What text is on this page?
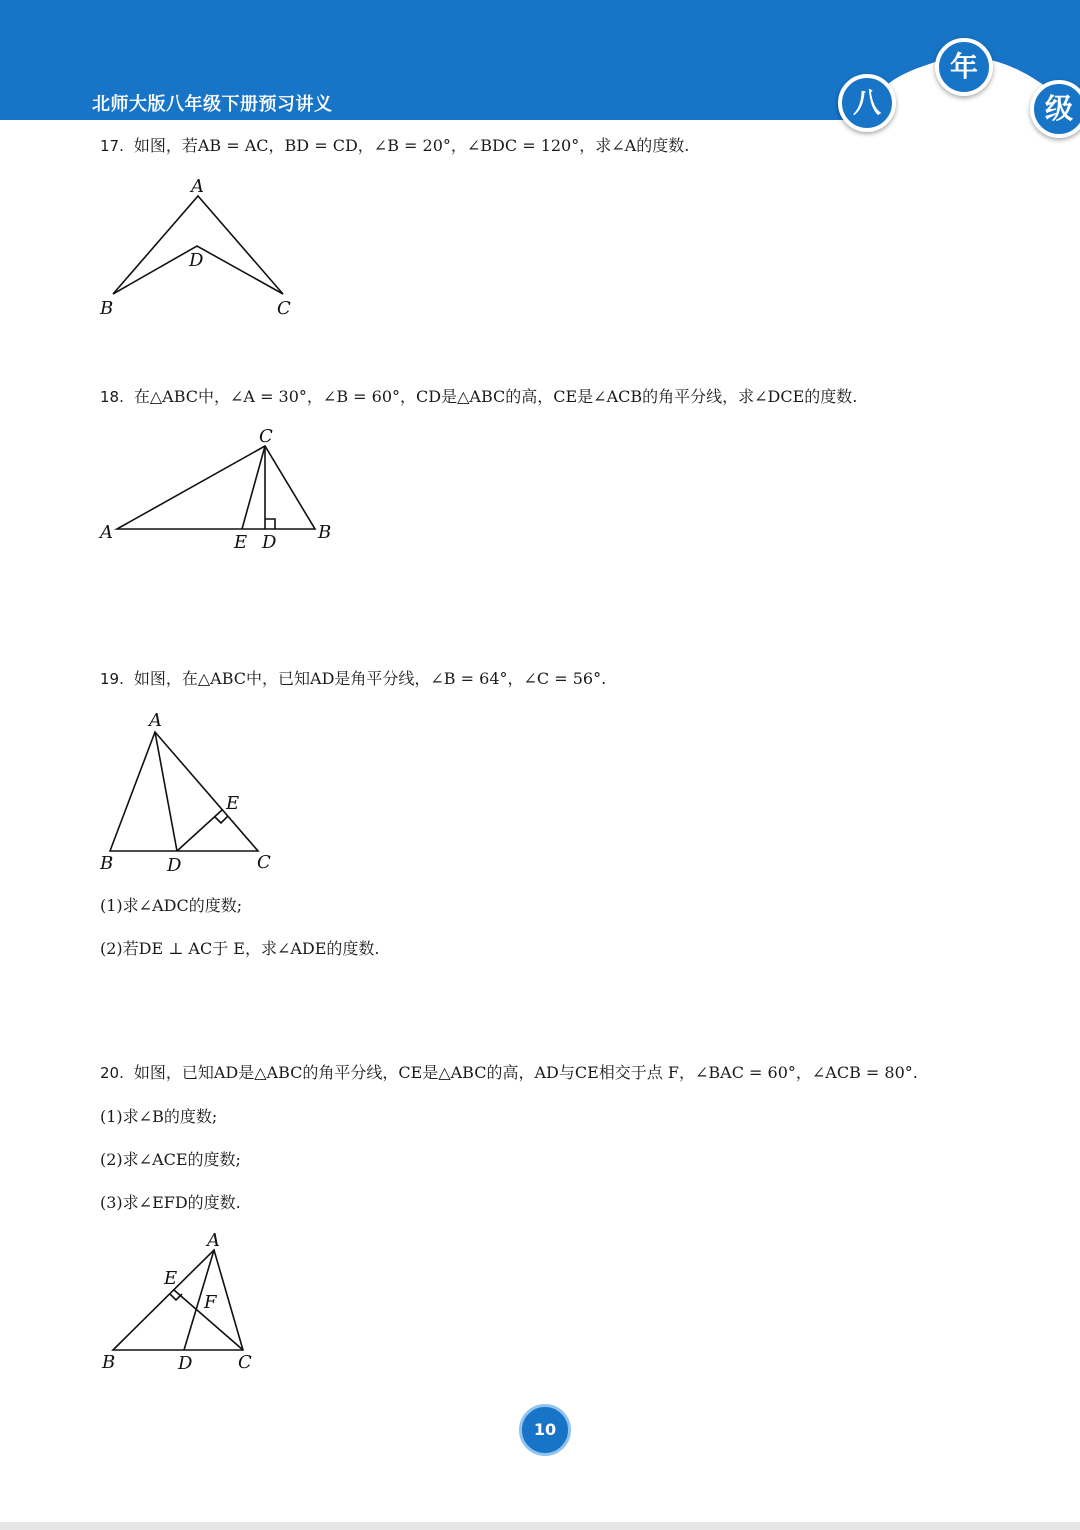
北师大版八年级下册预习讲义	八
年
级
17. 如图，若AB = AC，BD = CD，∠B = 20°，∠BDC = 120°，求∠A的度数.
A
D
B	C
18. 在△ABC中，∠A = 30°，∠B = 60°，CD是△ABC的高，CE是∠ACB的角平分线，求∠DCE的度数.
C
A	B
E D
19. 如图，在△ABC中，已知AD是角平分线，∠B = 64°，∠C = 56°.
A
E
B	D	C
(1)求∠ADC的度数;
(2)若DE ⊥ AC于 E，求∠ADE的度数.
20. 如图，已知AD是△ABC的角平分线，CE是△ABC的高，AD与CE相交于点 F，∠BAC = 60°，∠ACB = 80°.
(1)求∠B的度数;
(2)求∠ACE的度数;
(3)求∠EFD的度数.
A
E
F
B	D	C
10
